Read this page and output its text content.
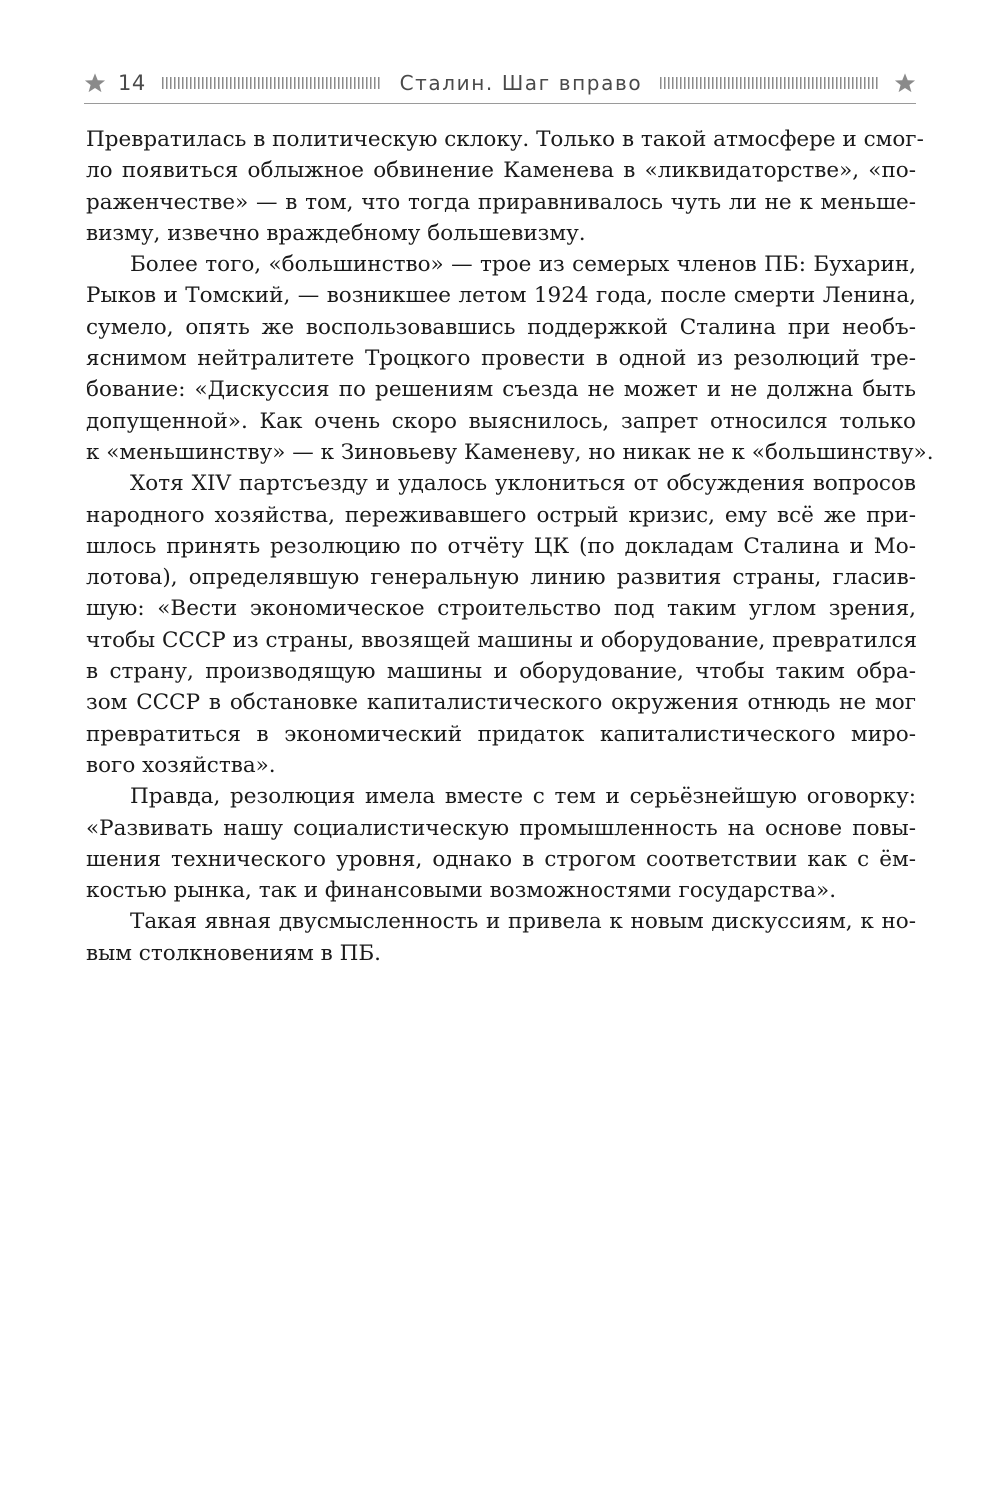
14	Сталин. Шаг вправо
Превратилась в политическую склоку. Только в такой атмосфере и смог-
ло появиться облыжное обвинение Каменева в «ликвидаторстве», «по-
раженчестве» — в том, что тогда приравнивалось чуть ли не к меньше-
визму, извечно враждебному большевизму.
Более того, «большинство» — трое из семерых членов ПБ: Бухарин,
Рыков и Томский, — возникшее летом 1924 года, после смерти Ленина,
сумело, опять же воспользовавшись поддержкой Сталина при необъ-
яснимом нейтралитете Троцкого провести в одной из резолюций тре-
бование: «Дискуссия по решениям съезда не может и не должна быть
допущенной». Как очень скоро выяснилось, запрет относился только
к «меньшинству» — к Зиновьеву Каменеву, но никак не к «большинству».
Хотя XIV партсъезду и удалось уклониться от обсуждения вопросов
народного хозяйства, переживавшего острый кризис, ему всё же при-
шлось принять резолюцию по отчёту ЦК (по докладам Сталина и Мо-
лотова), определявшую генеральную линию развития страны, гласив-
шую: «Вести экономическое строительство под таким углом зрения,
чтобы СССР из страны, ввозящей машины и оборудование, превратился
в страну, производящую машины и оборудование, чтобы таким обра-
зом СССР в обстановке капиталистического окружения отнюдь не мог
превратиться в экономический придаток капиталистического миро-
вого хозяйства».
Правда, резолюция имела вместе с тем и серьёзнейшую оговорку:
«Развивать нашу социалистическую промышленность на основе повы-
шения технического уровня, однако в строгом соответствии как с ём-
костью рынка, так и финансовыми возможностями государства».
Такая явная двусмысленность и привела к новым дискуссиям, к но-
вым столкновениям в ПБ.
